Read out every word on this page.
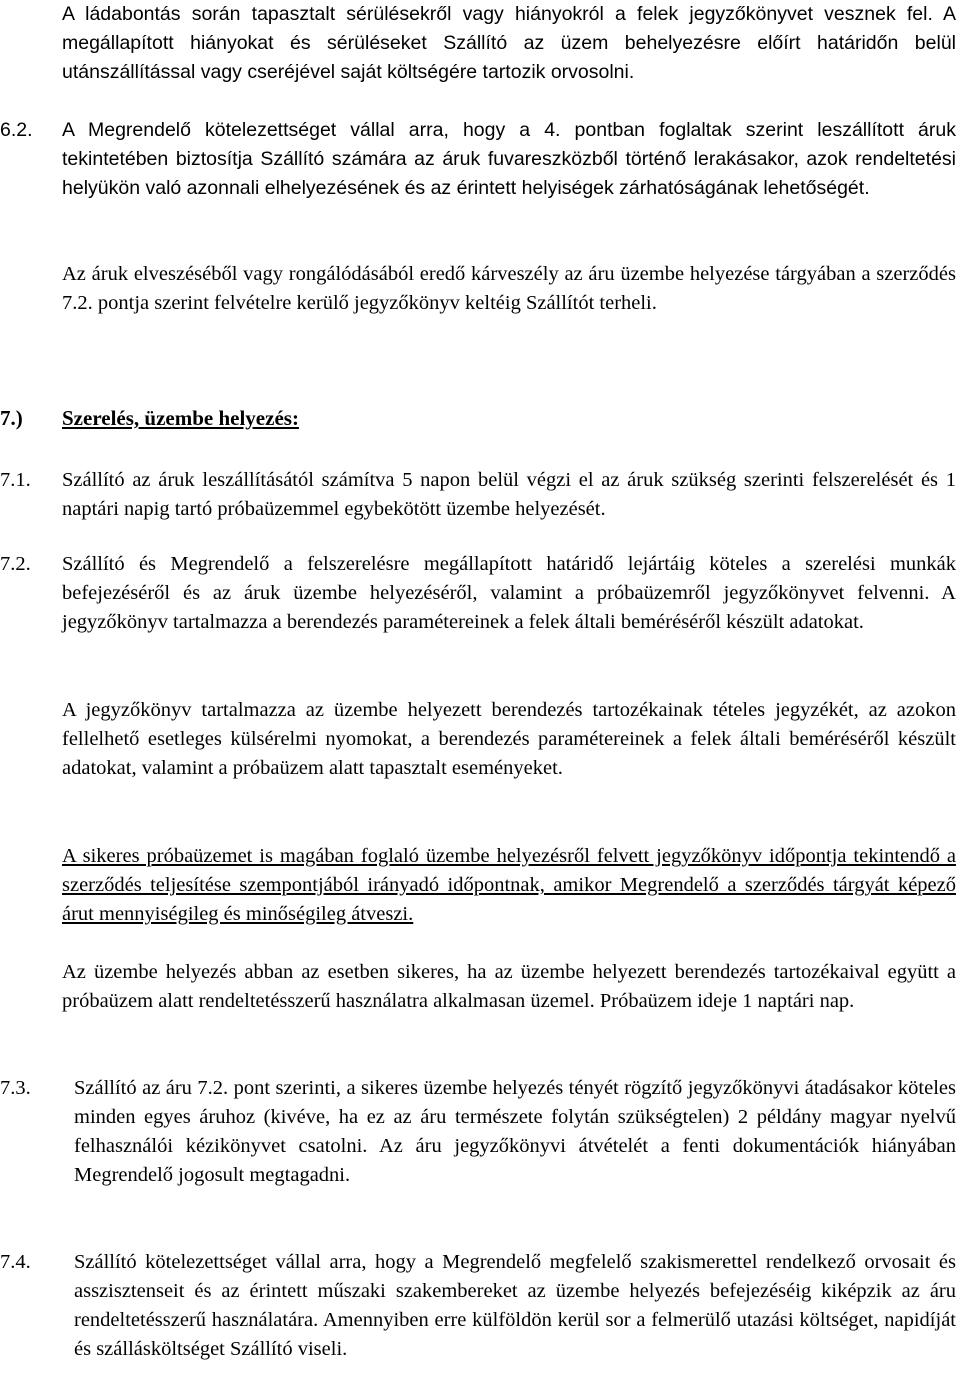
A ládabontás során tapasztalt sérülésekről vagy hiányokról a felek jegyzőkönyvet vesznek fel. A megállapított hiányokat és sérüléseket Szállító az üzem behelyezésre előírt határidőn belül utánszállítással vagy cseréjével saját költségére tartozik orvosolni.

6.2. A Megrendelő kötelezettséget vállal arra, hogy a 4. pontban foglaltak szerint leszállított áruk tekintetében biztosítja Szállító számára az áruk fuvareszközből történő lerakásakor, azok rendeltetési helyükön való azonnali elhelyezésének és az érintett helyiségek zárhatóságának lehetőségét.

Az áruk elveszéséből vagy rongálódásából eredő kárveszély az áru üzembe helyezése tárgyában a szerződés 7.2. pontja szerint felvételre kerülő jegyzőkönyv keltéig Szállítót terheli.

7.) Szerelés, üzembe helyezés:

7.1. Szállító az áruk leszállításától számítva 5 napon belül végzi el az áruk szükség szerinti felszerelését és 1 naptári napig tartó próbaüzemmel egybekötött üzembe helyezését.

7.2. Szállító és Megrendelő a felszerelésre megállapított határidő lejártáig köteles a szerelési munkák befejezéséről és az áruk üzembe helyezéséről, valamint a próbaüzemről jegyzőkönyvet felvenni. A jegyzőkönyv tartalmazza a berendezés paramétereinek a felek általi beméréséről készült adatokat.

A jegyzőkönyv tartalmazza az üzembe helyezett berendezés tartozékainak tételes jegyzékét, az azokon fellelhető esetleges külsérelmi nyomokat, a berendezés paramétereinek a felek általi beméréséről készült adatokat, valamint a próbaüzem alatt tapasztalt eseményeket.

A sikeres próbaüzemet is magában foglaló üzembe helyezésről felvett jegyzőkönyv időpontja tekintendő a szerződés teljesítése szempontjából irányadó időpontnak, amikor Megrendelő a szerződés tárgyát képező árut mennyiségileg és minőségileg átveszi.

Az üzembe helyezés abban az esetben sikeres, ha az üzembe helyezett berendezés tartozékaival együtt a próbaüzem alatt rendeltetésszerű használatra alkalmasan üzemel. Próbaüzem ideje 1 naptári nap.

7.3. Szállító az áru 7.2. pont szerinti, a sikeres üzembe helyezés tényét rögzítő jegyzőkönyvi átadásakor köteles minden egyes áruhoz (kivéve, ha ez az áru természete folytán szükségtelen) 2 példány magyar nyelvű felhasználói kézikönyvet csatolni. Az áru jegyzőkönyvi átvételét a fenti dokumentációk hiányában Megrendelő jogosult megtagadni.

7.4. Szállító kötelezettséget vállal arra, hogy a Megrendelő megfelelő szakismerettel rendelkező orvosait és asszisztenseit és az érintett műszaki szakembereket az üzembe helyezés befejezéséig kiképzik az áru rendeltetésszerű használatára. Amennyiben erre külföldön kerül sor a felmerülő utazási költséget, napidíját és szállásköltséget Szállító viseli.
